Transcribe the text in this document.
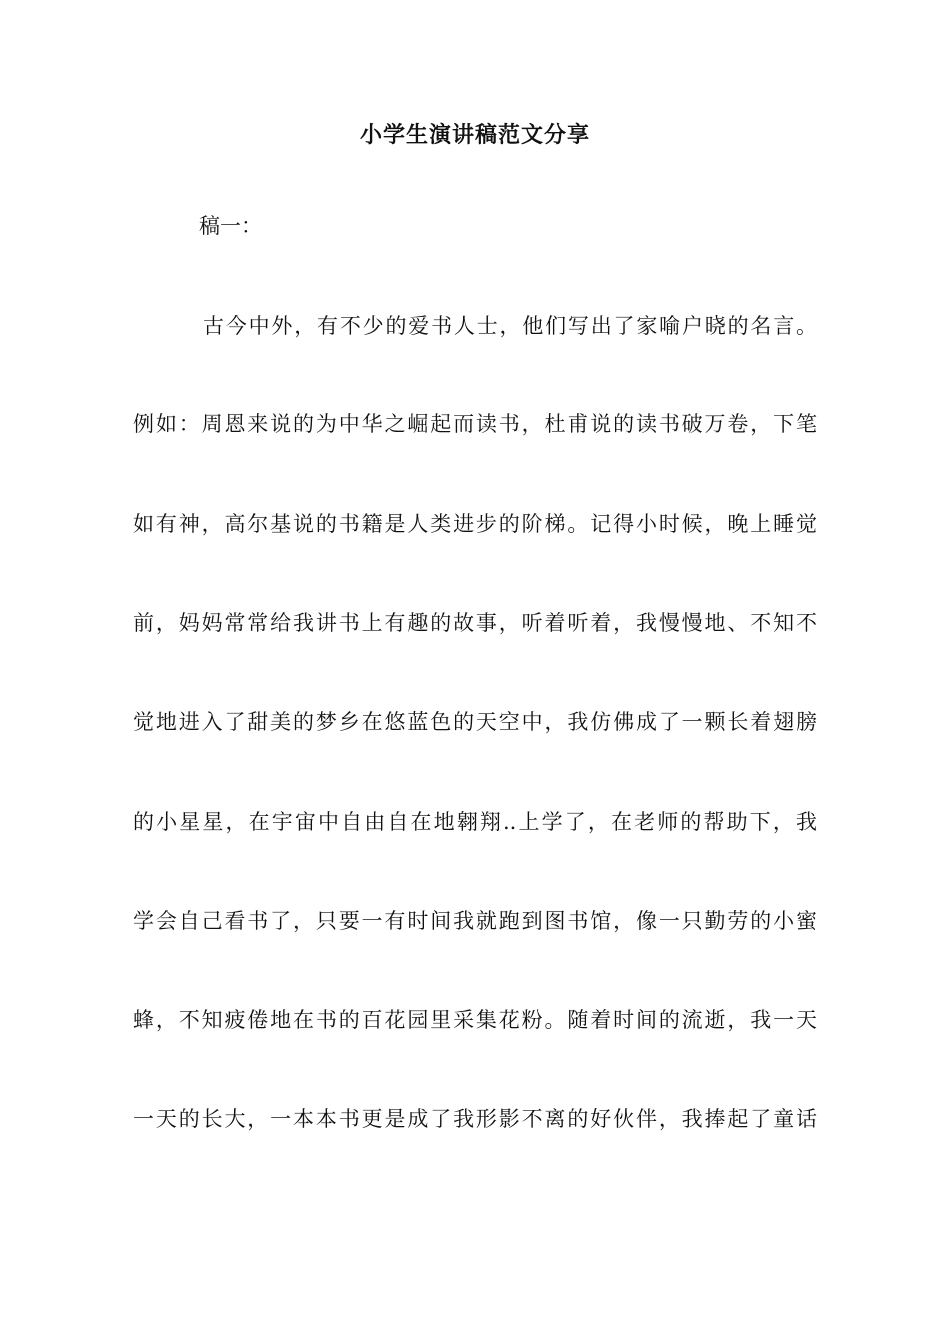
小学生演讲稿范文分享
稿一：
古今中外，有不少的爱书人士，他们写出了家喻户晓的名言。
例如：周恩来说的为中华之崛起而读书，杜甫说的读书破万卷，下笔
如有神，高尔基说的书籍是人类进步的阶梯。记得小时候，晚上睡觉
前，妈妈常常给我讲书上有趣的故事，听着听着，我慢慢地、不知不
觉地进入了甜美的梦乡在悠蓝色的天空中，我仿佛成了一颗长着翅膀
的小星星，在宇宙中自由自在地翱翔..上学了，在老师的帮助下，我
学会自己看书了，只要一有时间我就跑到图书馆，像一只勤劳的小蜜
蜂，不知疲倦地在书的百花园里采集花粉。随着时间的流逝，我一天
一天的长大，一本本书更是成了我形影不离的好伙伴，我捧起了童话
